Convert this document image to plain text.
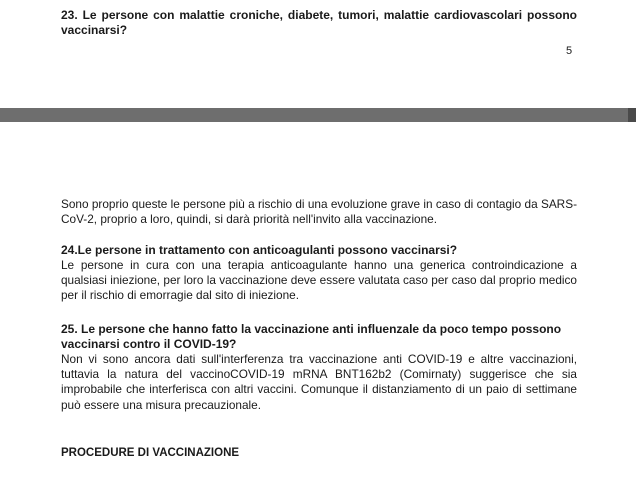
23. Le persone con malattie croniche, diabete, tumori, malattie cardiovascolari possono vaccinarsi?

5

Sono proprio queste le persone più a rischio di una evoluzione grave in caso di contagio da SARS-CoV-2, proprio a loro, quindi, si darà priorità nell'invito alla vaccinazione.

24.Le persone in trattamento con anticoagulanti possono vaccinarsi?

Le persone in cura con una terapia anticoagulante hanno una generica controindicazione a qualsiasi iniezione, per loro la vaccinazione deve essere valutata caso per caso dal proprio medico per il rischio di emorragie dal sito di iniezione.

25. Le persone che hanno fatto la vaccinazione anti influenzale da poco tempo possono vaccinarsi contro il COVID-19?

Non vi sono ancora dati sull'interferenza tra vaccinazione anti COVID-19 e altre vaccinazioni, tuttavia la natura del vaccinoCOVID-19 mRNA BNT162b2 (Comirnaty) suggerisce che sia improbabile che interferisca con altri vaccini. Comunque il distanziamento di un paio di settimane può essere una misura precauzionale.

PROCEDURE DI VACCINAZIONE
